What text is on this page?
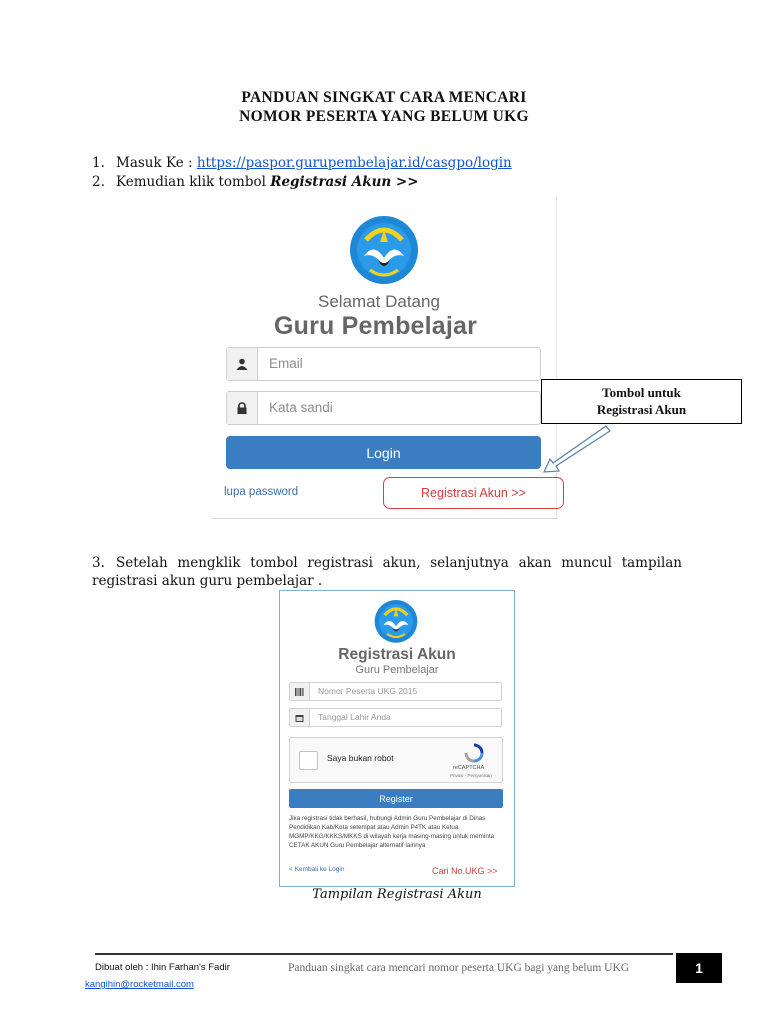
PANDUAN SINGKAT CARA MENCARI
NOMOR PESERTA YANG BELUM UKG
1. Masuk Ke : https://paspor.gurupembelajar.id/casgpo/login
2. Kemudian klik tombol Registrasi Akun >>
Selamat Datang
Guru Pembelajar
Email
Kata sandi
Login
lupa password	Registrasi Akun >>
Tombol untuk
Registrasi Akun
3. Setelah mengklik tombol registrasi akun, selanjutnya akan muncul tampilan registrasi akun guru pembelajar .
Registrasi Akun
Guru Pembelajar
Nomor Peserta UKG 2015
Tanggal Lahir Anda
Saya bukan robot
reCAPTCHA
Privasi - Persyaratan
Register
Jika registrasi tidak berhasil, hubungi Admin Guru Pembelajar di Dinas Pendidikan Kab/Kota setempat atau Admin P4TK atau Ketua MGMP/KKG/KKKS/MKKS di wilayah kerja masing-masing untuk meminta CETAK AKUN Guru Pembelajar alternatif lainnya
< Kembali ke Login	Cari No.UKG >>
Tampilan Registrasi Akun
Dibuat oleh : Ihin Farhan's Fadir
kangihin@rocketmail.com
Panduan singkat cara mencari nomor peserta UKG bagi yang belum UKG	1
